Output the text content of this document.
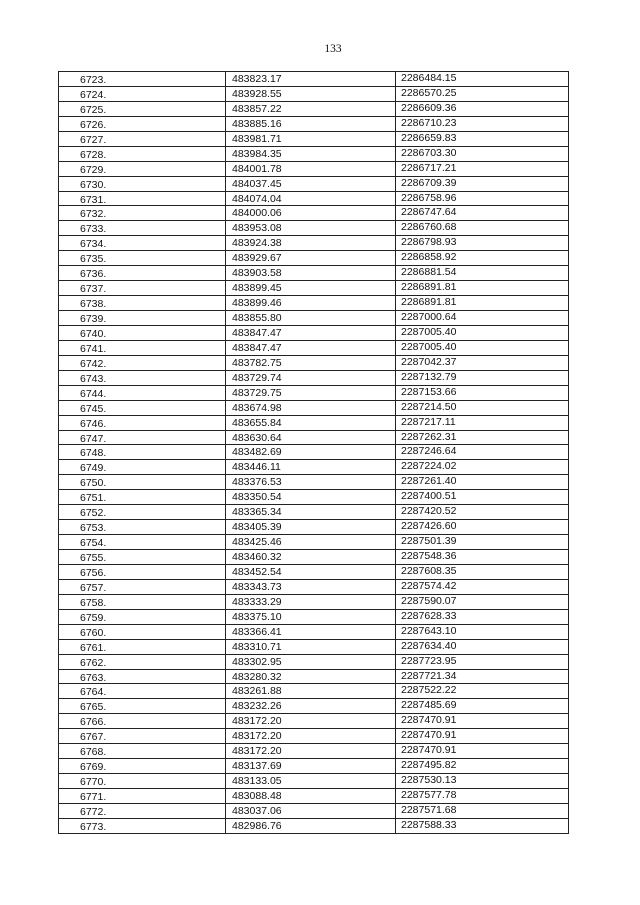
133
6723.	483823.17	2286484.15
6724.	483928.55	2286570.25
6725.	483857.22	2286609.36
6726.	483885.16	2286710.23
6727.	483981.71	2286659.83
6728.	483984.35	2286703.30
6729.	484001.78	2286717.21
6730.	484037.45	2286709.39
6731.	484074.04	2286758.96
6732.	484000.06	2286747.64
6733.	483953.08	2286760.68
6734.	483924.38	2286798.93
6735.	483929.67	2286858.92
6736.	483903.58	2286881.54
6737.	483899.45	2286891.81
6738.	483899.46	2286891.81
6739.	483855.80	2287000.64
6740.	483847.47	2287005.40
6741.	483847.47	2287005.40
6742.	483782.75	2287042.37
6743.	483729.74	2287132.79
6744.	483729.75	2287153.66
6745.	483674.98	2287214.50
6746.	483655.84	2287217.11
6747.	483630.64	2287262.31
6748.	483482.69	2287246.64
6749.	483446.11	2287224.02
6750.	483376.53	2287261.40
6751.	483350.54	2287400.51
6752.	483365.34	2287420.52
6753.	483405.39	2287426.60
6754.	483425.46	2287501.39
6755.	483460.32	2287548.36
6756.	483452.54	2287608.35
6757.	483343.73	2287574.42
6758.	483333.29	2287590.07
6759.	483375.10	2287628.33
6760.	483366.41	2287643.10
6761.	483310.71	2287634.40
6762.	483302.95	2287723.95
6763.	483280.32	2287721.34
6764.	483261.88	2287522.22
6765.	483232.26	2287485.69
6766.	483172.20	2287470.91
6767.	483172.20	2287470.91
6768.	483172.20	2287470.91
6769.	483137.69	2287495.82
6770.	483133.05	2287530.13
6771.	483088.48	2287577.78
6772.	483037.06	2287571.68
6773.	482986.76	2287588.33
